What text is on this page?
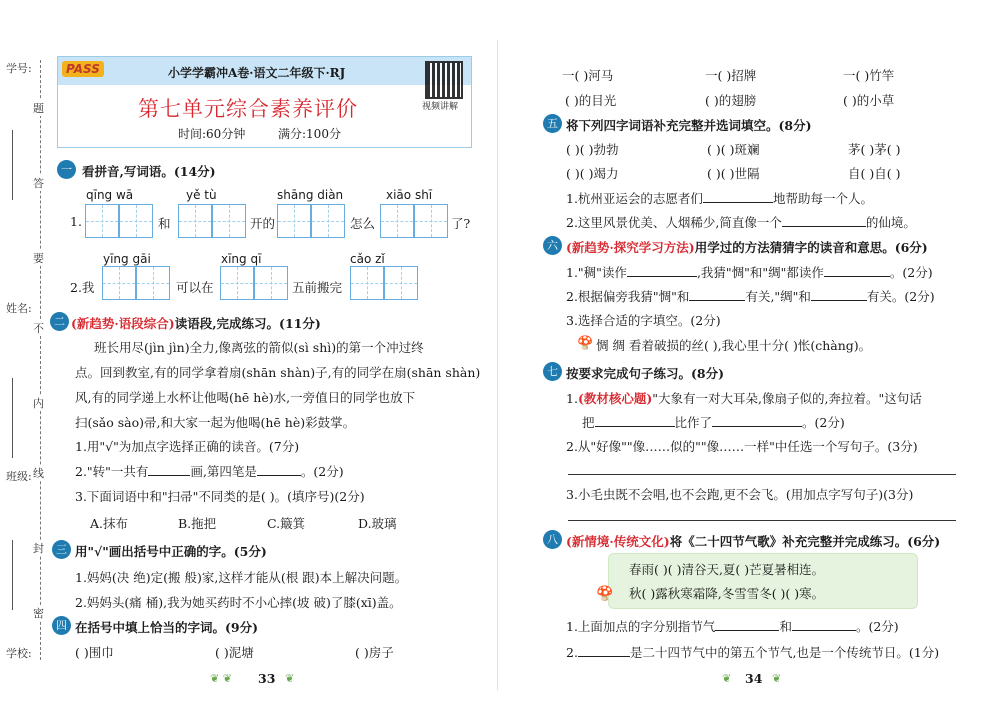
学号:
姓名:
班级:
学校:
题
答
要
不
内
线
封
密
PASS	小学学霸冲A卷·语文二年级下·RJ
第七单元综合素养评价
时间:60分钟	满分:100分
视频讲解
一 看拼音,写词语。(14分)
qīng wā	yě tù	shāng diàn	xiāo shī
1.	和	开的	怎么	了?
yīng gāi	xīng qī	cǎo zǐ
2.我	可以在	五前搬完
二 (新趋势·语段综合)读语段,完成练习。(11分)
班长用尽(jìn jìn)全力,像离弦的箭似(sì shì)的第一个冲过终
点。回到教室,有的同学拿着扇(shān shàn)子,有的同学在扇(shān shàn)
风,有的同学递上水杯让他喝(hē hè)水,一旁值日的同学也放下
扫(sǎo sào)帚,和大家一起为他喝(hē hè)彩鼓掌。
1.用"√"为加点字选择正确的读音。(7分)
2."转"一共有	画,第四笔是	。(2分)
3.下面词语中和"扫帚"不同类的是( )。(填序号)(2分)
A.抹布	B.拖把	C.簸箕	D.玻璃
三 用"√"画出括号中正确的字。(5分)
1.妈妈(决 绝)定(搬 般)家,这样才能从(根 跟)本上解决问题。
2.妈妈头(痛 桶),我为她买药时不小心摔(坡 破)了膝(xī)盖。
四 在括号中填上恰当的字词。(9分)
( )围巾	( )泥塘	( )房子
❦ ❦ 33 ❦
一( )河马	一( )招牌	一( )竹竿
( )的目光	( )的翅膀	( )的小草
五 将下列四字词语补充完整并选词填空。(8分)
( )( )勃勃	( )( )斑斓	茅( )茅( )
( )( )竭力	( )( )世隔	自( )自( )
1.杭州亚运会的志愿者们	地帮助每一个人。
2.这里风景优美、人烟稀少,简直像一个	的仙境。
六 (新趋势·探究学习方法)用学过的方法猜猜字的读音和意思。(6分)
1."稠"读作	,我猜"惆"和"绸"都读作	。(2分)
2.根据偏旁我猜"惆"和	有关,"绸"和	有关。(2分)
3.选择合适的字填空。(2分)
🍄 惆 绸 看着破损的丝( ),我心里十分( )怅(chàng)。
七 按要求完成句子练习。(8分)
1.(教材核心题)"大象有一对大耳朵,像扇子似的,奔拉着。"这句话
把	比作了	。(2分)
2.从"好像""像……似的""像……一样"中任选一个写句子。(3分)
3.小毛虫既不会唱,也不会跑,更不会飞。(用加点字写句子)(3分)
八 (新情境·传统文化)将《二十四节气歌》补充完整并完成练习。(6分)
春雨( )( )清谷天,夏( )芒夏暑相连。
秋( )露秋寒霜降,冬雪雪冬( )( )寒。
🍄
1.上面加点的字分别指节气	和	。(2分)
2.	是二十四节气中的第五个节气,也是一个传统节日。(1分)
❦ 34 ❦
